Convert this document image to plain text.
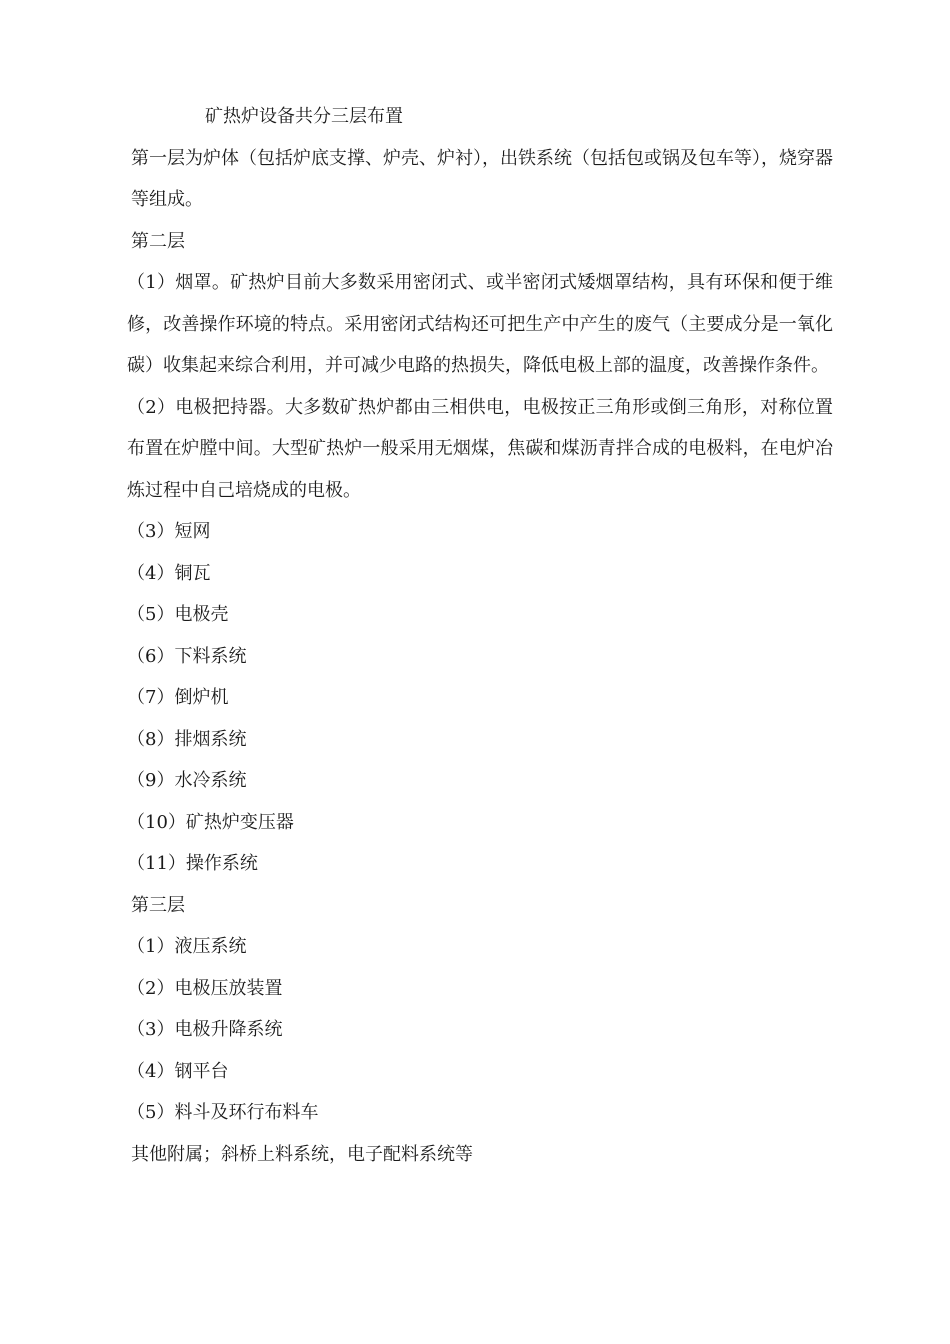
矿热炉设备共分三层布置

第一层为炉体（包括炉底支撑、炉壳、炉衬），出铁系统（包括包或锅及包车等），烧穿器等组成。

第二层

（1）烟罩。矿热炉目前大多数采用密闭式、或半密闭式矮烟罩结构，具有环保和便于维修，改善操作环境的特点。采用密闭式结构还可把生产中产生的废气（主要成分是一氧化碳）收集起来综合利用，并可减少电路的热损失，降低电极上部的温度，改善操作条件。

（2）电极把持器。大多数矿热炉都由三相供电，电极按正三角形或倒三角形，对称位置布置在炉膛中间。大型矿热炉一般采用无烟煤，焦碳和煤沥青拌合成的电极料，在电炉冶炼过程中自己培烧成的电极。

（3）短网

（4）铜瓦

（5）电极壳

（6）下料系统

（7）倒炉机

（8）排烟系统

（9）水冷系统

（10）矿热炉变压器

（11）操作系统

第三层

（1）液压系统

（2）电极压放装置

（3）电极升降系统

（4）钢平台

（5）料斗及环行布料车

其他附属；斜桥上料系统，电子配料系统等
